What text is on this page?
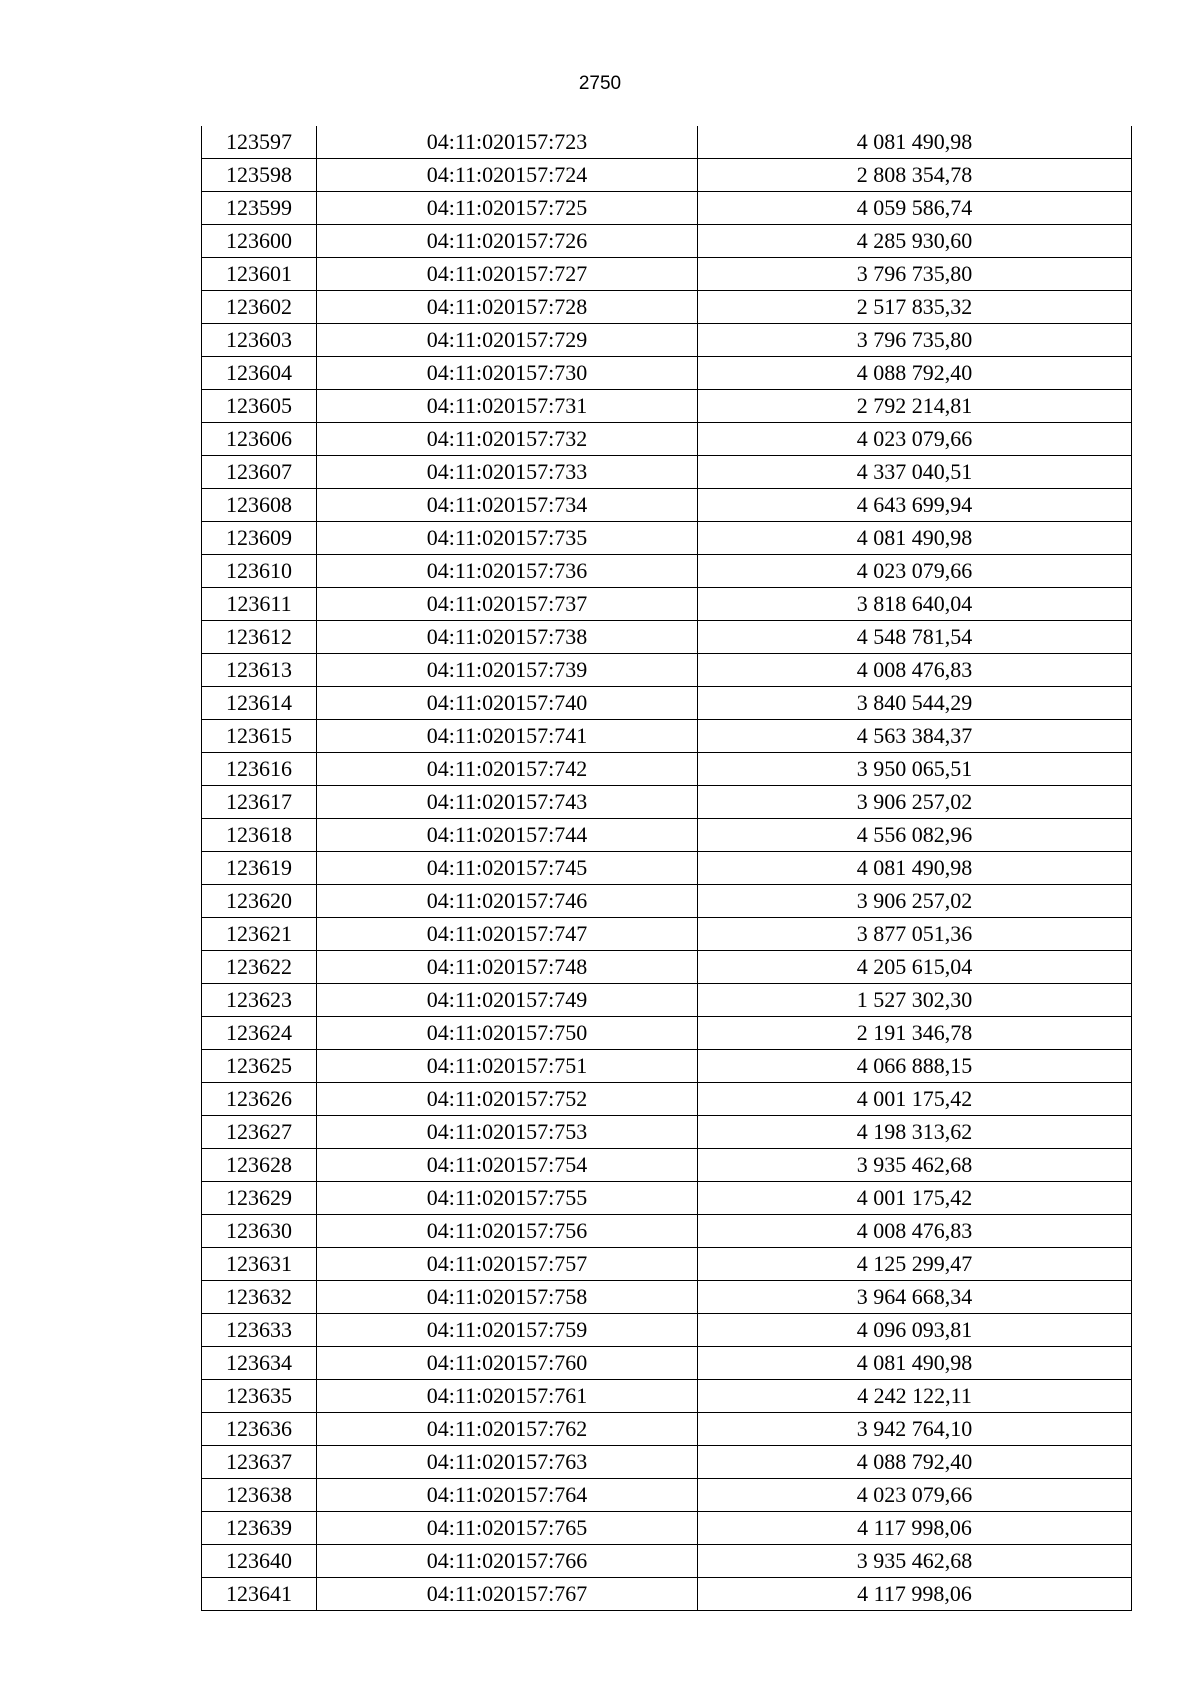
2750
123597	04:11:020157:723	4 081 490,98
123598	04:11:020157:724	2 808 354,78
123599	04:11:020157:725	4 059 586,74
123600	04:11:020157:726	4 285 930,60
123601	04:11:020157:727	3 796 735,80
123602	04:11:020157:728	2 517 835,32
123603	04:11:020157:729	3 796 735,80
123604	04:11:020157:730	4 088 792,40
123605	04:11:020157:731	2 792 214,81
123606	04:11:020157:732	4 023 079,66
123607	04:11:020157:733	4 337 040,51
123608	04:11:020157:734	4 643 699,94
123609	04:11:020157:735	4 081 490,98
123610	04:11:020157:736	4 023 079,66
123611	04:11:020157:737	3 818 640,04
123612	04:11:020157:738	4 548 781,54
123613	04:11:020157:739	4 008 476,83
123614	04:11:020157:740	3 840 544,29
123615	04:11:020157:741	4 563 384,37
123616	04:11:020157:742	3 950 065,51
123617	04:11:020157:743	3 906 257,02
123618	04:11:020157:744	4 556 082,96
123619	04:11:020157:745	4 081 490,98
123620	04:11:020157:746	3 906 257,02
123621	04:11:020157:747	3 877 051,36
123622	04:11:020157:748	4 205 615,04
123623	04:11:020157:749	1 527 302,30
123624	04:11:020157:750	2 191 346,78
123625	04:11:020157:751	4 066 888,15
123626	04:11:020157:752	4 001 175,42
123627	04:11:020157:753	4 198 313,62
123628	04:11:020157:754	3 935 462,68
123629	04:11:020157:755	4 001 175,42
123630	04:11:020157:756	4 008 476,83
123631	04:11:020157:757	4 125 299,47
123632	04:11:020157:758	3 964 668,34
123633	04:11:020157:759	4 096 093,81
123634	04:11:020157:760	4 081 490,98
123635	04:11:020157:761	4 242 122,11
123636	04:11:020157:762	3 942 764,10
123637	04:11:020157:763	4 088 792,40
123638	04:11:020157:764	4 023 079,66
123639	04:11:020157:765	4 117 998,06
123640	04:11:020157:766	3 935 462,68
123641	04:11:020157:767	4 117 998,06
